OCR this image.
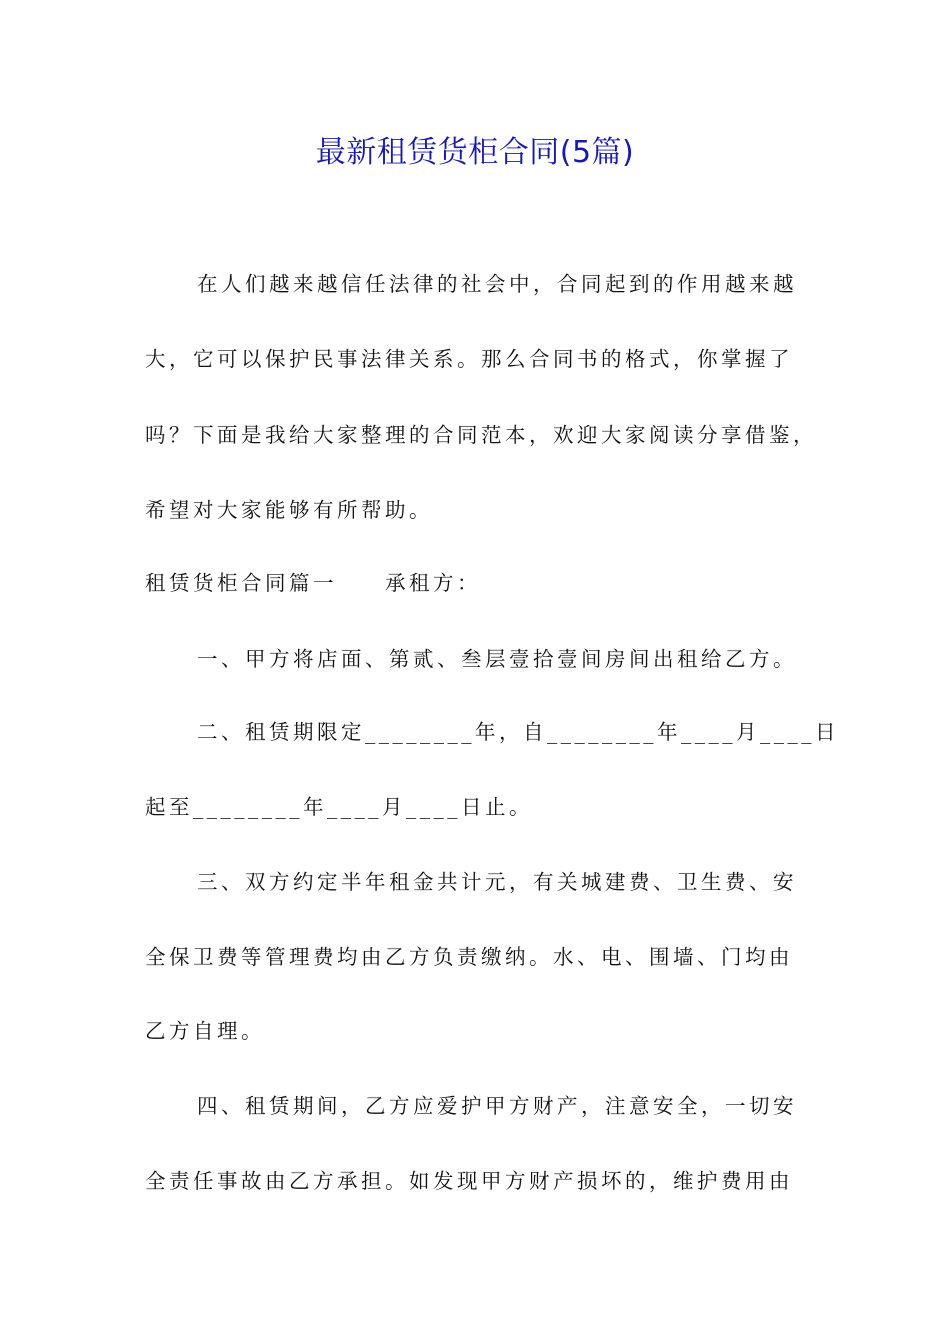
最新租赁货柜合同(5篇)
在人们越来越信任法律的社会中，合同起到的作用越来越
大，它可以保护民事法律关系。那么合同书的格式，你掌握了
吗？下面是我给大家整理的合同范本，欢迎大家阅读分享借鉴，
希望对大家能够有所帮助。
租赁货柜合同篇一　　承租方：
一、甲方将店面、第贰、叁层壹拾壹间房间出租给乙方。
二、租赁期限定________年，自________年____月____日
起至________年____月____日止。
三、双方约定半年租金共计元，有关城建费、卫生费、安
全保卫费等管理费均由乙方负责缴纳。水、电、围墙、门均由
乙方自理。
四、租赁期间，乙方应爱护甲方财产，注意安全，一切安
全责任事故由乙方承担。如发现甲方财产损坏的，维护费用由
